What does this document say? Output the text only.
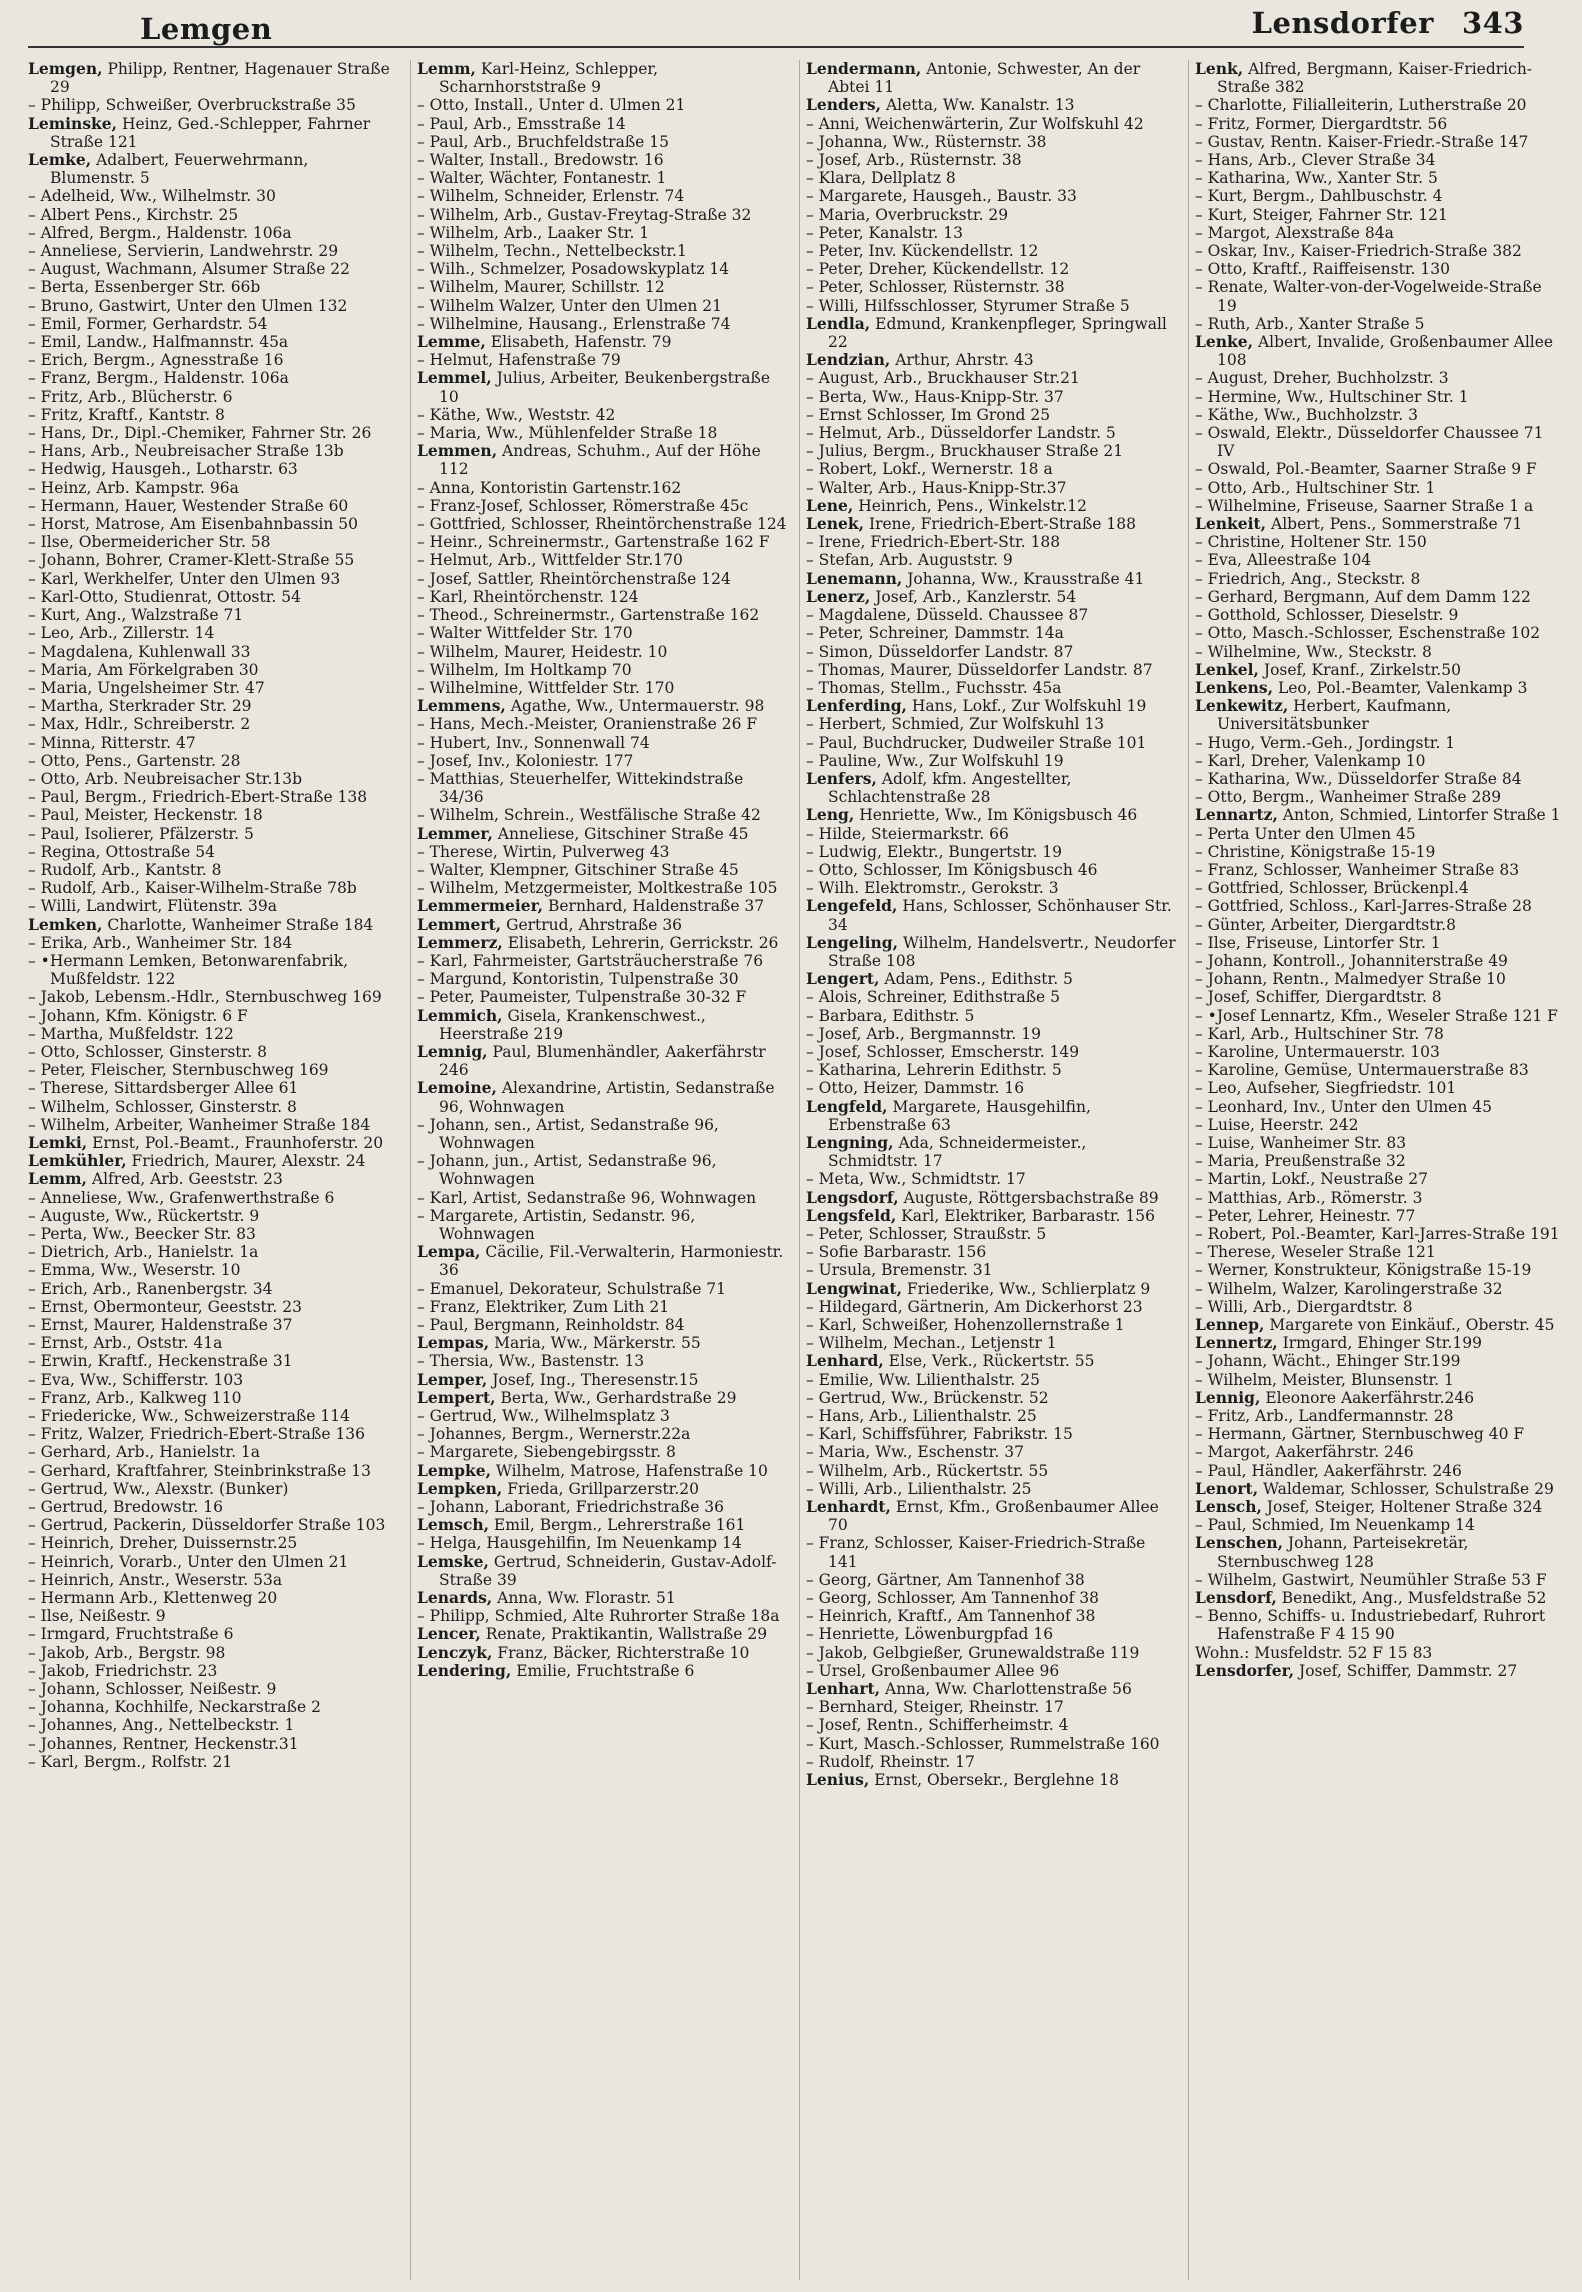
Lemgen	Lensdorfer 343

Lemgen, Philipp, Rentner, Hagenauer Straße 29

– Philipp, Schweißer, Overbruckstraße 35

Leminske, Heinz, Ged.-Schlepper, Fahrner Straße 121

Lemke, Adalbert, Feuerwehrmann, Blumenstr. 5

– Adelheid, Ww., Wilhelmstr. 30

– Albert Pens., Kirchstr. 25

– Alfred, Bergm., Haldenstr. 106a

– Anneliese, Servierin, Landwehrstr. 29

– August, Wachmann, Alsumer Straße 22

– Berta, Essenberger Str. 66b

– Bruno, Gastwirt, Unter den Ulmen 132

– Emil, Former, Gerhardstr. 54

– Emil, Landw., Halfmannstr. 45a

– Erich, Bergm., Agnesstraße 16

– Franz, Bergm., Haldenstr. 106a

– Fritz, Arb., Blücherstr. 6

– Fritz, Kraftf., Kantstr. 8

– Hans, Dr., Dipl.-Chemiker, Fahrner Str. 26

– Hans, Arb., Neubreisacher Straße 13b

– Hedwig, Hausgeh., Lotharstr. 63

– Heinz, Arb. Kampstr. 96a

– Hermann, Hauer, Westender Straße 60

– Horst, Matrose, Am Eisenbahnbassin 50

– Ilse, Obermeidericher Str. 58

– Johann, Bohrer, Cramer-Klett-Straße 55

– Karl, Werkhelfer, Unter den Ulmen 93

– Karl-Otto, Studienrat, Ottostr. 54

– Kurt, Ang., Walzstraße 71

– Leo, Arb., Zillerstr. 14

– Magdalena, Kuhlenwall 33

– Maria, Am Förkelgraben 30

– Maria, Ungelsheimer Str. 47

– Martha, Sterkrader Str. 29

– Max, Hdlr., Schreiberstr. 2

– Minna, Ritterstr. 47

– Otto, Pens., Gartenstr. 28

– Otto, Arb. Neubreisacher Str.13b

– Paul, Bergm., Friedrich-Ebert-Straße 138

– Paul, Meister, Heckenstr. 18

– Paul, Isolierer, Pfälzerstr. 5

– Regina, Ottostraße 54

– Rudolf, Arb., Kantstr. 8

– Rudolf, Arb., Kaiser-Wilhelm-Straße 78b

– Willi, Landwirt, Flütenstr. 39a

Lemken, Charlotte, Wanheimer Straße 184

– Erika, Arb., Wanheimer Str. 184

– •Hermann Lemken, Betonwarenfabrik, Mußfeldstr. 122

– Jakob, Lebensm.-Hdlr., Sternbuschweg 169

– Johann, Kfm. Königstr. 6 F

– Martha, Mußfeldstr. 122

– Otto, Schlosser, Ginsterstr. 8

– Peter, Fleischer, Sternbuschweg 169

– Therese, Sittardsberger Allee 61

– Wilhelm, Schlosser, Ginsterstr. 8

– Wilhelm, Arbeiter, Wanheimer Straße 184

Lemki, Ernst, Pol.-Beamt., Fraunhoferstr. 20

Lemkühler, Friedrich, Maurer, Alexstr. 24

Lemm, Alfred, Arb. Geeststr. 23

– Anneliese, Ww., Grafenwerthstraße 6

– Auguste, Ww., Rückertstr. 9

– Perta, Ww., Beecker Str. 83

– Dietrich, Arb., Hanielstr. 1a

– Emma, Ww., Weserstr. 10

– Erich, Arb., Ranenbergstr. 34

– Ernst, Obermonteur, Geeststr. 23

– Ernst, Maurer, Haldenstraße 37

– Ernst, Arb., Oststr. 41a

– Erwin, Kraftf., Heckenstraße 31

– Eva, Ww., Schifferstr. 103

– Franz, Arb., Kalkweg 110

– Friedericke, Ww., Schweizerstraße 114

– Fritz, Walzer, Friedrich-Ebert-Straße 136

– Gerhard, Arb., Hanielstr. 1a

– Gerhard, Kraftfahrer, Steinbrinkstraße 13

– Gertrud, Ww., Alexstr. (Bunker)

– Gertrud, Bredowstr. 16

– Gertrud, Packerin, Düsseldorfer Straße 103

– Heinrich, Dreher, Duissernstr.25

– Heinrich, Vorarb., Unter den Ulmen 21

– Heinrich, Anstr., Weserstr. 53a

– Hermann Arb., Klettenweg 20

– Ilse, Neißestr. 9

– Irmgard, Fruchtstraße 6

– Jakob, Arb., Bergstr. 98

– Jakob, Friedrichstr. 23

– Johann, Schlosser, Neißestr. 9

– Johanna, Kochhilfe, Neckarstraße 2

– Johannes, Ang., Nettelbeckstr. 1

– Johannes, Rentner, Heckenstr.31

– Karl, Bergm., Rolfstr. 21

Lemm, Karl-Heinz, Schlepper, Scharnhorststraße 9

– Otto, Install., Unter d. Ulmen 21

– Paul, Arb., Emsstraße 14

– Paul, Arb., Bruchfeldstraße 15

– Walter, Install., Bredowstr. 16

– Walter, Wächter, Fontanestr. 1

– Wilhelm, Schneider, Erlenstr. 74

– Wilhelm, Arb., Gustav-Freytag-Straße 32

– Wilhelm, Arb., Laaker Str. 1

– Wilhelm, Techn., Nettelbeckstr.1

– Wilh., Schmelzer, Posadowskyplatz 14

– Wilhelm, Maurer, Schillstr. 12

– Wilhelm Walzer, Unter den Ulmen 21

– Wilhelmine, Hausang., Erlenstraße 74

Lemme, Elisabeth, Hafenstr. 79

– Helmut, Hafenstraße 79

Lemmel, Julius, Arbeiter, Beukenbergstraße 10

– Käthe, Ww., Weststr. 42

– Maria, Ww., Mühlenfelder Straße 18

Lemmen, Andreas, Schuhm., Auf der Höhe 112

– Anna, Kontoristin Gartenstr.162

– Franz-Josef, Schlosser, Römerstraße 45c

– Gottfried, Schlosser, Rheintörchenstraße 124

– Heinr., Schreinermstr., Gartenstraße 162 F

– Helmut, Arb., Wittfelder Str.170

– Josef, Sattler, Rheintörchenstraße 124

– Karl, Rheintörchenstr. 124

– Theod., Schreinermstr., Gartenstraße 162

– Walter Wittfelder Str. 170

– Wilhelm, Maurer, Heidestr. 10

– Wilhelm, Im Holtkamp 70

– Wilhelmine, Wittfelder Str. 170

Lemmens, Agathe, Ww., Untermauerstr. 98

– Hans, Mech.-Meister, Oranienstraße 26 F

– Hubert, Inv., Sonnenwall 74

– Josef, Inv., Koloniestr. 177

– Matthias, Steuerhelfer, Wittekindstraße 34/36

– Wilhelm, Schrein., Westfälische Straße 42

Lemmer, Anneliese, Gitschiner Straße 45

– Therese, Wirtin, Pulverweg 43

– Walter, Klempner, Gitschiner Straße 45

– Wilhelm, Metzgermeister, Moltkestraße 105

Lemmermeier, Bernhard, Haldenstraße 37

Lemmert, Gertrud, Ahrstraße 36

Lemmerz, Elisabeth, Lehrerin, Gerrickstr. 26

– Karl, Fahrmeister, Gartsträucherstraße 76

– Margund, Kontoristin, Tulpenstraße 30

– Peter, Paumeister, Tulpenstraße 30-32 F

Lemmich, Gisela, Krankenschwest., Heerstraße 219

Lemnig, Paul, Blumenhändler, Aakerfährstr 246

Lemoine, Alexandrine, Artistin, Sedanstraße 96, Wohnwagen

– Johann, sen., Artist, Sedanstraße 96, Wohnwagen

– Johann, jun., Artist, Sedanstraße 96, Wohnwagen

– Karl, Artist, Sedanstraße 96, Wohnwagen

– Margarete, Artistin, Sedanstr. 96, Wohnwagen

Lempa, Cäcilie, Fil.-Verwalterin, Harmoniestr. 36

– Emanuel, Dekorateur, Schulstraße 71

– Franz, Elektriker, Zum Lith 21

– Paul, Bergmann, Reinholdstr. 84

Lempas, Maria, Ww., Märkerstr. 55

– Thersia, Ww., Bastenstr. 13

Lemper, Josef, Ing., Theresenstr.15

Lempert, Berta, Ww., Gerhardstraße 29

– Gertrud, Ww., Wilhelmsplatz 3

– Johannes, Bergm., Wernerstr.22a

– Margarete, Siebengebirgsstr. 8

Lempke, Wilhelm, Matrose, Hafenstraße 10

Lempken, Frieda, Grillparzerstr.20

– Johann, Laborant, Friedrichstraße 36

Lemsch, Emil, Bergm., Lehrerstraße 161

– Helga, Hausgehilfin, Im Neuenkamp 14

Lemske, Gertrud, Schneiderin, Gustav-Adolf-Straße 39

Lenards, Anna, Ww. Florastr. 51

– Philipp, Schmied, Alte Ruhrorter Straße 18a

Lencer, Renate, Praktikantin, Wallstraße 29

Lenczyk, Franz, Bäcker, Richterstraße 10

Lendering, Emilie, Fruchtstraße 6

Lendermann, Antonie, Schwester, An der Abtei 11

Lenders, Aletta, Ww. Kanalstr. 13

– Anni, Weichenwärterin, Zur Wolfskuhl 42

– Johanna, Ww., Rüsternstr. 38

– Josef, Arb., Rüsternstr. 38

– Klara, Dellplatz 8

– Margarete, Hausgeh., Baustr. 33

– Maria, Overbruckstr. 29

– Peter, Kanalstr. 13

– Peter, Inv. Kückendellstr. 12

– Peter, Dreher, Kückendellstr. 12

– Peter, Schlosser, Rüsternstr. 38

– Willi, Hilfsschlosser, Styrumer Straße 5

Lendla, Edmund, Krankenpfleger, Springwall 22

Lendzian, Arthur, Ahrstr. 43

– August, Arb., Bruckhauser Str.21

– Berta, Ww., Haus-Knipp-Str. 37

– Ernst Schlosser, Im Grond 25

– Helmut, Arb., Düsseldorfer Landstr. 5

– Julius, Bergm., Bruckhauser Straße 21

– Robert, Lokf., Wernerstr. 18 a

– Walter, Arb., Haus-Knipp-Str.37

Lene, Heinrich, Pens., Winkelstr.12

Lenek, Irene, Friedrich-Ebert-Straße 188

– Irene, Friedrich-Ebert-Str. 188

– Stefan, Arb. Auguststr. 9

Lenemann, Johanna, Ww., Krausstraße 41

Lenerz, Josef, Arb., Kanzlerstr. 54

– Magdalene, Düsseld. Chaussee 87

– Peter, Schreiner, Dammstr. 14a

– Simon, Düsseldorfer Landstr. 87

– Thomas, Maurer, Düsseldorfer Landstr. 87

– Thomas, Stellm., Fuchsstr. 45a

Lenferding, Hans, Lokf., Zur Wolfskuhl 19

– Herbert, Schmied, Zur Wolfskuhl 13

– Paul, Buchdrucker, Dudweiler Straße 101

– Pauline, Ww., Zur Wolfskuhl 19

Lenfers, Adolf, kfm. Angestellter, Schlachtenstraße 28

Leng, Henriette, Ww., Im Königsbusch 46

– Hilde, Steiermarkstr. 66

– Ludwig, Elektr., Bungertstr. 19

– Otto, Schlosser, Im Königsbusch 46

– Wilh. Elektromstr., Gerokstr. 3

Lengefeld, Hans, Schlosser, Schönhauser Str. 34

Lengeling, Wilhelm, Handelsvertr., Neudorfer Straße 108

Lengert, Adam, Pens., Edithstr. 5

– Alois, Schreiner, Edithstraße 5

– Barbara, Edithstr. 5

– Josef, Arb., Bergmannstr. 19

– Josef, Schlosser, Emscherstr. 149

– Katharina, Lehrerin Edithstr. 5

– Otto, Heizer, Dammstr. 16

Lengfeld, Margarete, Hausgehilfin, Erbenstraße 63

Lengning, Ada, Schneidermeister., Schmidtstr. 17

– Meta, Ww., Schmidtstr. 17

Lengsdorf, Auguste, Röttgersbachstraße 89

Lengsfeld, Karl, Elektriker, Barbarastr. 156

– Peter, Schlosser, Straußstr. 5

– Sofie Barbarastr. 156

– Ursula, Bremenstr. 31

Lengwinat, Friederike, Ww., Schlierplatz 9

– Hildegard, Gärtnerin, Am Dickerhorst 23

– Karl, Schweißer, Hohenzollernstraße 1

– Wilhelm, Mechan., Letjenstr 1

Lenhard, Else, Verk., Rückertstr. 55

– Emilie, Ww. Lilienthalstr. 25

– Gertrud, Ww., Brückenstr. 52

– Hans, Arb., Lilienthalstr. 25

– Karl, Schiffsführer, Fabrikstr. 15

– Maria, Ww., Eschenstr. 37

– Wilhelm, Arb., Rückertstr. 55

– Willi, Arb., Lilienthalstr. 25

Lenhardt, Ernst, Kfm., Großenbaumer Allee 70

– Franz, Schlosser, Kaiser-Friedrich-Straße 141

– Georg, Gärtner, Am Tannenhof 38

– Georg, Schlosser, Am Tannenhof 38

– Heinrich, Kraftf., Am Tannenhof 38

– Henriette, Löwenburgpfad 16

– Jakob, Gelbgießer, Grunewaldstraße 119

– Ursel, Großenbaumer Allee 96

Lenhart, Anna, Ww. Charlottenstraße 56

– Bernhard, Steiger, Rheinstr. 17

– Josef, Rentn., Schifferheimstr. 4

– Kurt, Masch.-Schlosser, Rummelstraße 160

– Rudolf, Rheinstr. 17

Lenius, Ernst, Obersekr., Berglehne 18

Lenk, Alfred, Bergmann, Kaiser-Friedrich-Straße 382

– Charlotte, Filialleiterin, Lutherstraße 20

– Fritz, Former, Diergardtstr. 56

– Gustav, Rentn. Kaiser-Friedr.-Straße 147

– Hans, Arb., Clever Straße 34

– Katharina, Ww., Xanter Str. 5

– Kurt, Bergm., Dahlbuschstr. 4

– Kurt, Steiger, Fahrner Str. 121

– Margot, Alexstraße 84a

– Oskar, Inv., Kaiser-Friedrich-Straße 382

– Otto, Kraftf., Raiffeisenstr. 130

– Renate, Walter-von-der-Vogelweide-Straße 19

– Ruth, Arb., Xanter Straße 5

Lenke, Albert, Invalide, Großenbaumer Allee 108

– August, Dreher, Buchholzstr. 3

– Hermine, Ww., Hultschiner Str. 1

– Käthe, Ww., Buchholzstr. 3

– Oswald, Elektr., Düsseldorfer Chaussee 71 IV

– Oswald, Pol.-Beamter, Saarner Straße 9 F

– Otto, Arb., Hultschiner Str. 1

– Wilhelmine, Friseuse, Saarner Straße 1 a

Lenkeit, Albert, Pens., Sommerstraße 71

– Christine, Holtener Str. 150

– Eva, Alleestraße 104

– Friedrich, Ang., Steckstr. 8

– Gerhard, Bergmann, Auf dem Damm 122

– Gotthold, Schlosser, Dieselstr. 9

– Otto, Masch.-Schlosser, Eschenstraße 102

– Wilhelmine, Ww., Steckstr. 8

Lenkel, Josef, Kranf., Zirkelstr.50

Lenkens, Leo, Pol.-Beamter, Valenkamp 3

Lenkewitz, Herbert, Kaufmann, Universitätsbunker

– Hugo, Verm.-Geh., Jordingstr. 1

– Karl, Dreher, Valenkamp 10

– Katharina, Ww., Düsseldorfer Straße 84

– Otto, Bergm., Wanheimer Straße 289

Lennartz, Anton, Schmied, Lintorfer Straße 1

– Perta Unter den Ulmen 45

– Christine, Königstraße 15-19

– Franz, Schlosser, Wanheimer Straße 83

– Gottfried, Schlosser, Brückenpl.4

– Gottfried, Schloss., Karl-Jarres-Straße 28

– Günter, Arbeiter, Diergardtstr.8

– Ilse, Friseuse, Lintorfer Str. 1

– Johann, Kontroll., Johanniterstraße 49

– Johann, Rentn., Malmedyer Straße 10

– Josef, Schiffer, Diergardtstr. 8

– •Josef Lennartz, Kfm., Weseler Straße 121 F

– Karl, Arb., Hultschiner Str. 78

– Karoline, Untermauerstr. 103

– Karoline, Gemüse, Untermauerstraße 83

– Leo, Aufseher, Siegfriedstr. 101

– Leonhard, Inv., Unter den Ulmen 45

– Luise, Heerstr. 242

– Luise, Wanheimer Str. 83

– Maria, Preußenstraße 32

– Martin, Lokf., Neustraße 27

– Matthias, Arb., Römerstr. 3

– Peter, Lehrer, Heinestr. 77

– Robert, Pol.-Beamter, Karl-Jarres-Straße 191

– Therese, Weseler Straße 121

– Werner, Konstrukteur, Königstraße 15-19

– Wilhelm, Walzer, Karolingerstraße 32

– Willi, Arb., Diergardtstr. 8

Lennep, Margarete von Einkäuf., Oberstr. 45

Lennertz, Irmgard, Ehinger Str.199

– Johann, Wächt., Ehinger Str.199

– Wilhelm, Meister, Blunsenstr. 1

Lennig, Eleonore Aakerfährstr.246

– Fritz, Arb., Landfermannstr. 28

– Hermann, Gärtner, Sternbuschweg 40 F

– Margot, Aakerfährstr. 246

– Paul, Händler, Aakerfährstr. 246

Lenort, Waldemar, Schlosser, Schulstraße 29

Lensch, Josef, Steiger, Holtener Straße 324

– Paul, Schmied, Im Neuenkamp 14

Lenschen, Johann, Parteisekretär, Sternbuschweg 128

– Wilhelm, Gastwirt, Neumühler Straße 53 F

Lensdorf, Benedikt, Ang., Musfeldstraße 52

– Benno, Schiffs- u. Industriebedarf, Ruhrort Hafenstraße F 4 15 90

Wohn.: Musfeldstr. 52 F 15 83

Lensdorfer, Josef, Schiffer, Dammstr. 27
